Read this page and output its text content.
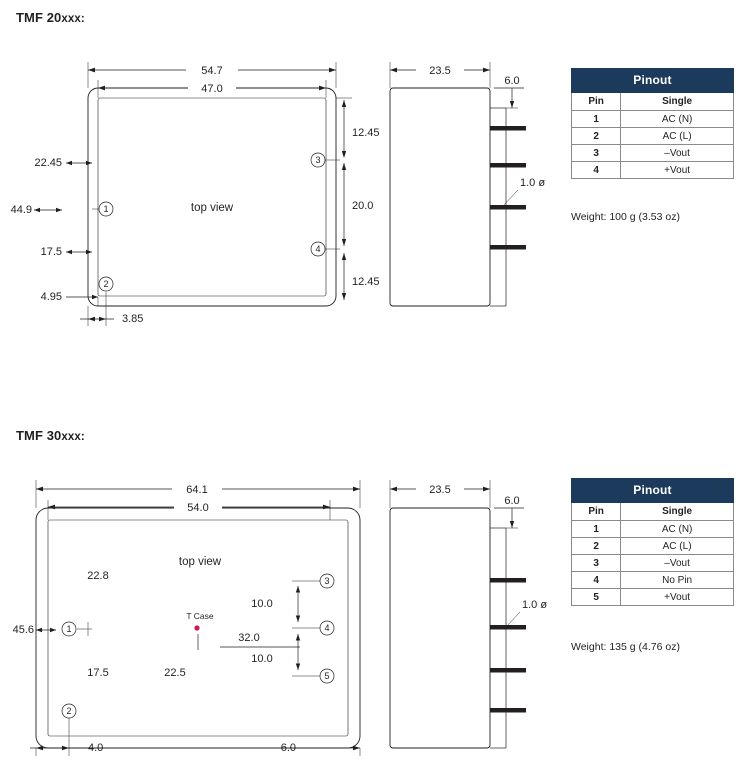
TMF 20xxx:
54.7
47.0
44.9
22.45
17.5
1
2
3
4
top view
4.95
3.85
12.45
20.0
12.45
23.5
6.0
1.0 ø
64.1
54.0
top view
45.6	1
2
22.8
17.5
T Case
22.5
32.0
3
4
5
10.0
10.0
4.0	6.0
23.5
6.0
1.0 ø
Pinout	
Pin	Single
1	AC (N)
2	AC (L)
3	–Vout
4	+Vout
Weight: 100 g (3.53 oz)
TMF 30xxx:
Pinout	
Pin	Single
1	AC (N)
2	AC (L)
3	–Vout
4	No Pin
5	+Vout
Weight: 135 g (4.76 oz)
